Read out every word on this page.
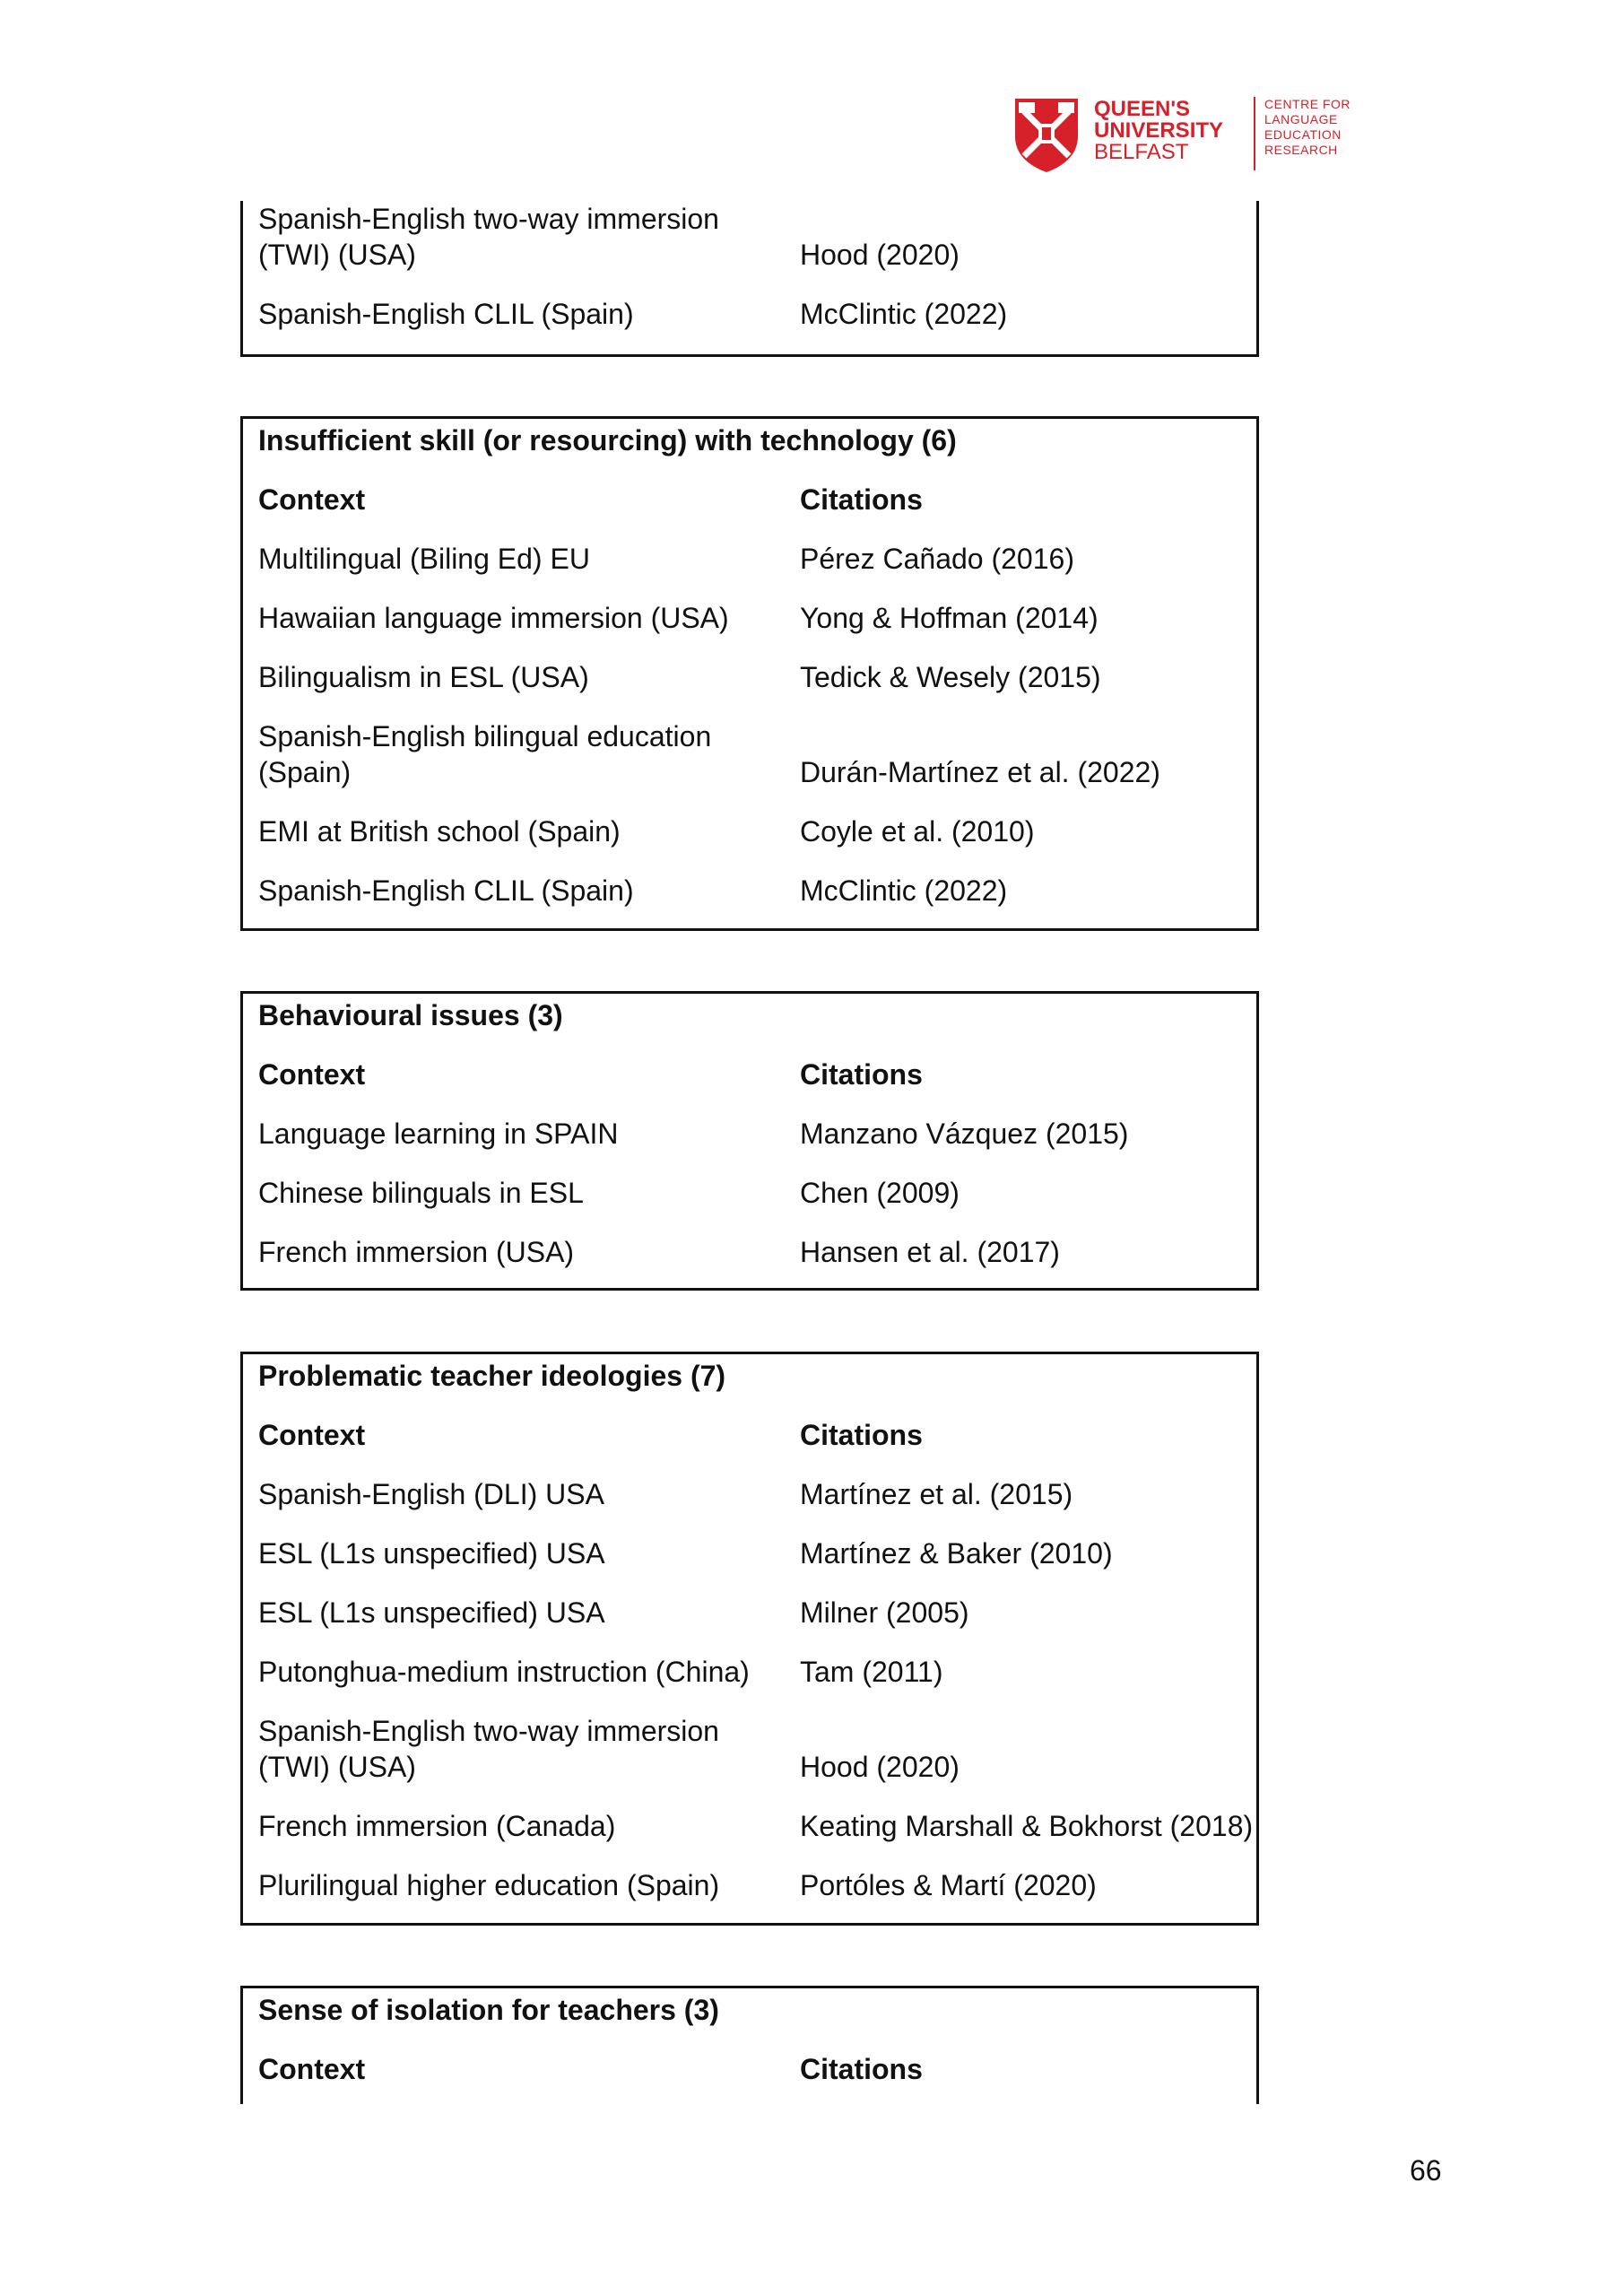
QUEEN'S
UNIVERSITY
BELFAST
CENTRE FOR
LANGUAGE
EDUCATION
RESEARCH
Spanish-English two-way immersion
(TWI) (USA)	Hood (2020)
Spanish-English CLIL (Spain)	McClintic (2022)
Insufficient skill (or resourcing) with technology (6)
Context	Citations
Multilingual (Biling Ed) EU	Pérez Cañado (2016)
Hawaiian language immersion (USA) Yong & Hoffman (2014)
Bilingualism in ESL (USA)	Tedick & Wesely (2015)
Spanish-English bilingual education
(Spain)	Durán-Martínez et al. (2022)
EMI at British school (Spain)	Coyle et al. (2010)
Spanish-English CLIL (Spain)	McClintic (2022)
Behavioural issues (3)
Context	Citations
Language learning in SPAIN	Manzano Vázquez (2015)
Chinese bilinguals in ESL	Chen (2009)
French immersion (USA)	Hansen et al. (2017)
Problematic teacher ideologies (7)
Context	Citations
Spanish-English (DLI) USA	Martínez et al. (2015)
ESL (L1s unspecified) USA	Martínez & Baker (2010)
ESL (L1s unspecified) USA	Milner (2005)
Putonghua-medium instruction (China) Tam (2011)
Spanish-English two-way immersion
(TWI) (USA)	Hood (2020)
French immersion (Canada)	Keating Marshall & Bokhorst (2018)
Plurilingual higher education (Spain)	Portóles & Martí (2020)
Sense of isolation for teachers (3)
Context	Citations
66
